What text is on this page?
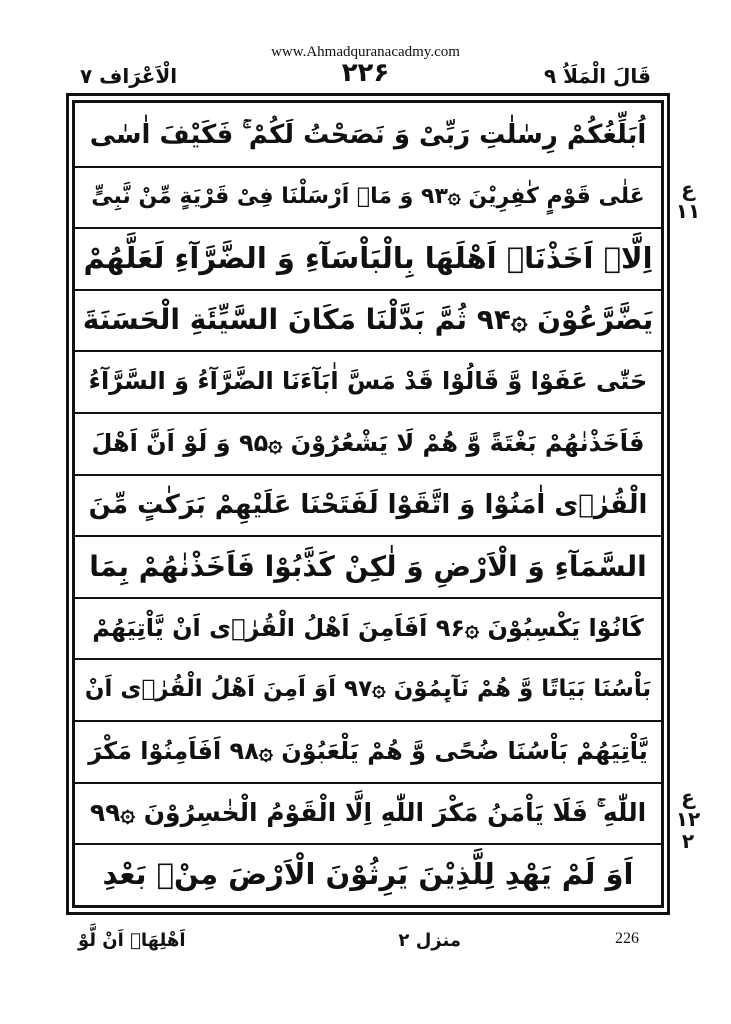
www.Ahmadquranacadmy.com
الْاَعْرَاف ۷	۲۲۶	قَالَ الْمَلَاُ ۹
اُبَلِّغُكُمْ رِسٰلٰتِ رَبِّیْ وَ نَصَحْتُ لَكُمْ ۚ فَكَیْفَ اٰسٰی
عَلٰی قَوْمٍ كٰفِرِیْنَ ۞۹۳ وَ مَاۤ اَرْسَلْنَا فِیْ قَرْیَةٍ مِّنْ نَّبِیٍّ
اِلَّاۤ اَخَذْنَاۤ اَهْلَهَا بِالْبَاْسَآءِ وَ الضَّرَّآءِ لَعَلَّهُمْ
یَضَّرَّعُوْنَ ۞۹۴ ثُمَّ بَدَّلْنَا مَكَانَ السَّیِّئَةِ الْحَسَنَةَ
حَتّٰی عَفَوْا وَّ قَالُوْا قَدْ مَسَّ اٰبَآءَنَا الضَّرَّآءُ وَ السَّرَّآءُ
فَاَخَذْنٰهُمْ بَغْتَةً وَّ هُمْ لَا یَشْعُرُوْنَ ۞۹۵ وَ لَوْ اَنَّ اَهْلَ
الْقُرٰۤی اٰمَنُوْا وَ اتَّقَوْا لَفَتَحْنَا عَلَیْهِمْ بَرَكٰتٍ مِّنَ
السَّمَآءِ وَ الْاَرْضِ وَ لٰكِنْ كَذَّبُوْا فَاَخَذْنٰهُمْ بِمَا
كَانُوْا یَكْسِبُوْنَ ۞۹۶ اَفَاَمِنَ اَهْلُ الْقُرٰۤی اَنْ یَّاْتِیَهُمْ
بَاْسُنَا بَیَاتًا وَّ هُمْ نَآىِٕمُوْنَ ۞۹۷ اَوَ اَمِنَ اَهْلُ الْقُرٰۤی اَنْ
یَّاْتِیَهُمْ بَاْسُنَا ضُحًی وَّ هُمْ یَلْعَبُوْنَ ۞۹۸ اَفَاَمِنُوْا مَكْرَ
اللّٰهِ ۚ فَلَا یَاْمَنُ مَكْرَ اللّٰهِ اِلَّا الْقَوْمُ الْخٰسِرُوْنَ ۞۹۹
اَوَ لَمْ یَهْدِ لِلَّذِیْنَ یَرِثُوْنَ الْاَرْضَ مِنْۢ بَعْدِ
ع ۱۱
ع ۱۲ ۲
اَهْلِهَاۤ اَنْ لَّوْ	منزل ۲	226
